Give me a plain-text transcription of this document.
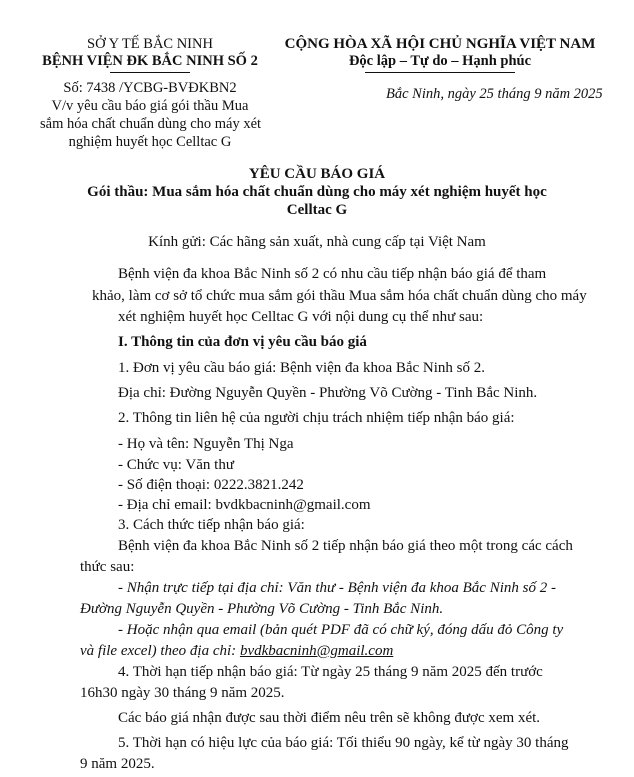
SỞ Y TẾ BẮC NINH
BỆNH VIỆN ĐK BẮC NINH SỐ 2
Số: 7438 /YCBG-BVĐKBN2
V/v yêu cầu báo giá gói thầu Mua
sắm hóa chất chuẩn dùng cho máy xét
nghiệm huyết học Celltac G
CỘNG HÒA XÃ HỘI CHỦ NGHĨA VIỆT NAM
Độc lập – Tự do – Hạnh phúc
Bắc Ninh, ngày 25 tháng 9 năm 2025
YÊU CẦU BÁO GIÁ
Gói thầu: Mua sắm hóa chất chuẩn dùng cho máy xét nghiệm huyết học
Celltac G
Kính gửi: Các hãng sản xuất, nhà cung cấp tại Việt Nam
Bệnh viện đa khoa Bắc Ninh số 2 có nhu cầu tiếp nhận báo giá để tham
khảo, làm cơ sở tổ chức mua sắm gói thầu Mua sắm hóa chất chuẩn dùng cho máy
xét nghiệm huyết học Celltac G với nội dung cụ thể như sau:
I. Thông tin của đơn vị yêu cầu báo giá
1. Đơn vị yêu cầu báo giá: Bệnh viện đa khoa Bắc Ninh số 2.
Địa chỉ: Đường Nguyễn Quyền - Phường Võ Cường - Tinh Bắc Ninh.
2. Thông tin liên hệ của người chịu trách nhiệm tiếp nhận báo giá:
- Họ và tên: Nguyễn Thị Nga
- Chức vụ: Văn thư
- Số điện thoại: 0222.3821.242
- Địa chỉ email: bvdkbacninh@gmail.com
3. Cách thức tiếp nhận báo giá:
Bệnh viện đa khoa Bắc Ninh số 2 tiếp nhận báo giá theo một trong các cách
thức sau:
- Nhận trực tiếp tại địa chỉ: Văn thư - Bệnh viện đa khoa Bắc Ninh số 2 -
Đường Nguyễn Quyền - Phường Võ Cường - Tinh Bắc Ninh.
- Hoặc nhận qua email (bản quét PDF đã có chữ ký, đóng dấu đỏ Công ty
và file excel) theo địa chỉ: bvdkbacninh@gmail.com
4. Thời hạn tiếp nhận báo giá: Từ ngày 25 tháng 9 năm 2025 đến trước
16h30 ngày 30 tháng 9 năm 2025.
Các báo giá nhận được sau thời điểm nêu trên sẽ không được xem xét.
5. Thời hạn có hiệu lực của báo giá: Tối thiểu 90 ngày, kể từ ngày 30 tháng
9 năm 2025.
